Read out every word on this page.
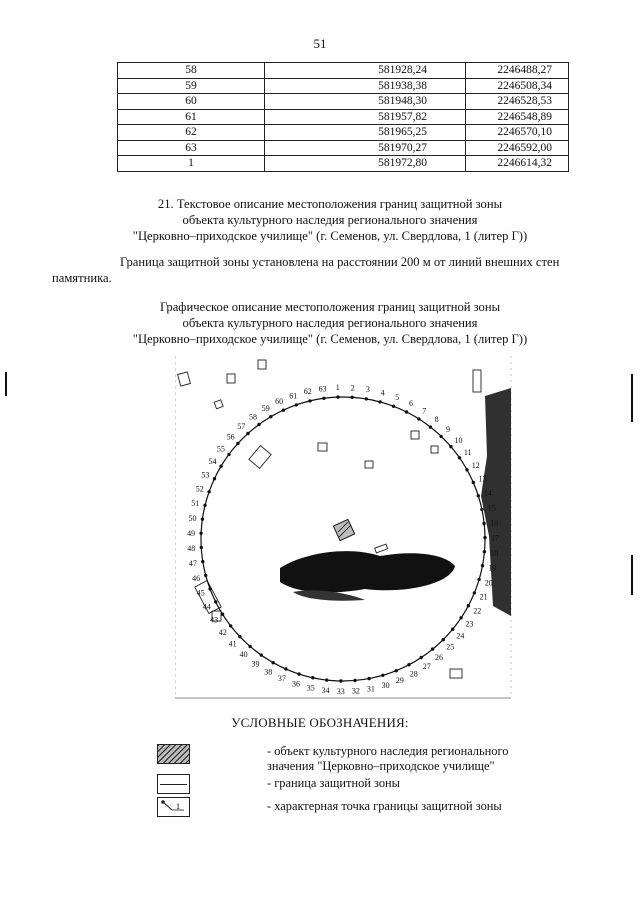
51
58	581928,24	2246488,27
59	581938,38	2246508,34
60	581948,30	2246528,53
61	581957,82	2246548,89
62	581965,25	2246570,10
63	581970,27	2246592,00
1	581972,80	2246614,32
21. Текстовое описание местоположения границ защитной зоны
объекта культурного наследия регионального значения
"Церковно–приходское училище" (г. Семенов, ул. Свердлова, 1 (литер Г))
Граница защитной зоны установлена на расстоянии 200 м от линий внешних стен
памятника.
Графическое описание местоположения границ защитной зоны
объекта культурного наследия регионального значения
"Церковно–приходское училище" (г. Семенов, ул. Свердлова, 1 (литер Г))
1 2 3 4
5
6
7
8
9
10
11
12
13
14
15
16
17
18
19
20
21
22
23
24
25
26
27
28
29
30
31
32
33
34
35
36
37
38
39
40
41
42
43
44
45
46
47
48
49
50
51
52
53
54
55
56
57
58
59
60
61 62 63
УСЛОВНЫЕ ОБОЗНАЧЕНИЯ:
- объект культурного наследия регионального
значения "Церковно–приходское училище"
- граница защитной зоны
1	- характерная точка границы защитной зоны
